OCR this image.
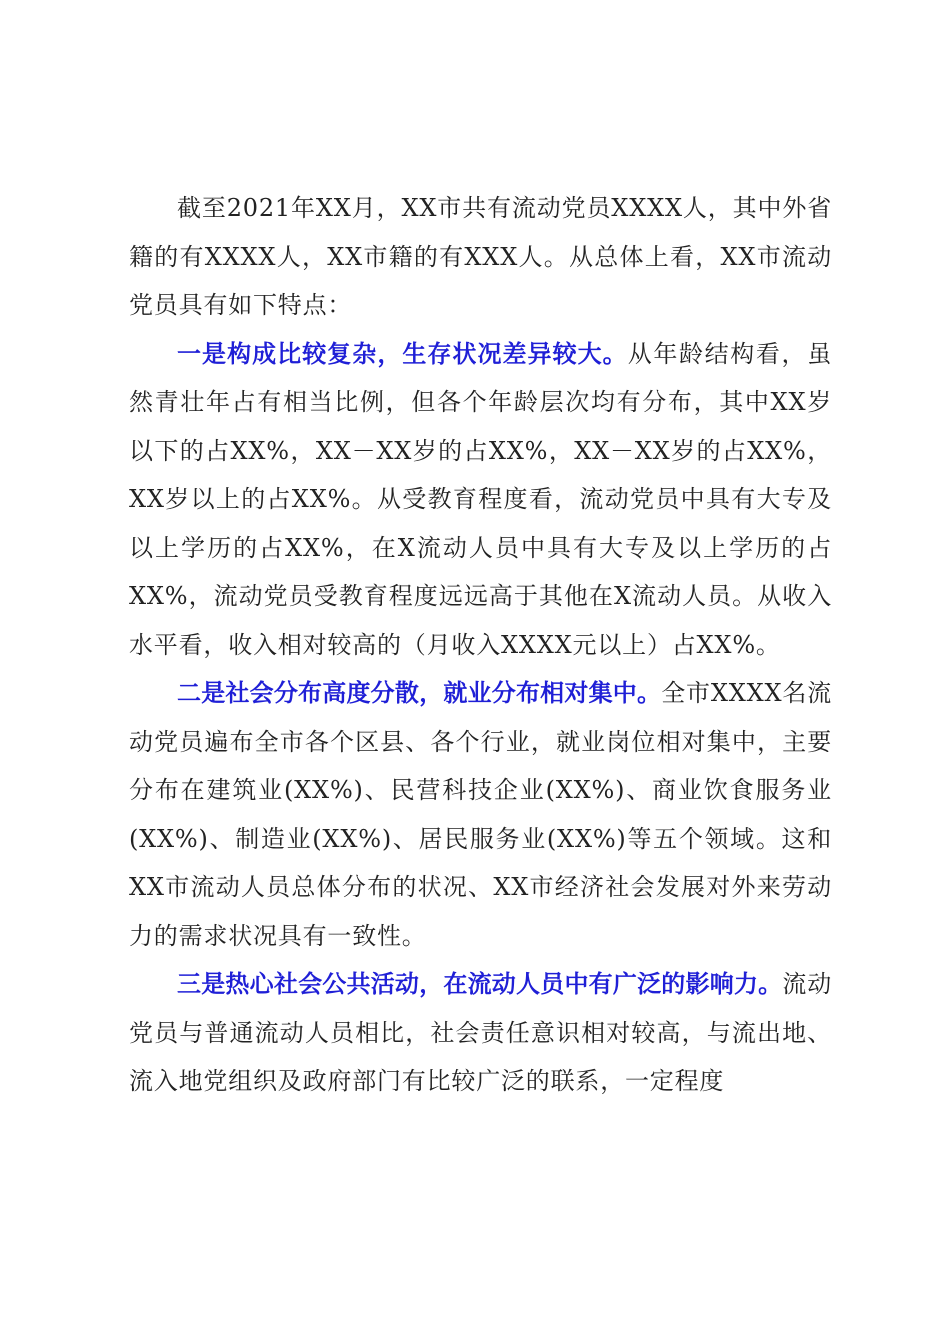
截至2021年XX月，XX市共有流动党员XXXX人，其中外省籍的有XXXX人，XX市籍的有XXX人。从总体上看，XX市流动党员具有如下特点：

一是构成比较复杂，生存状况差异较大。从年龄结构看，虽然青壮年占有相当比例，但各个年龄层次均有分布，其中XX岁以下的占XX%，XX－XX岁的占XX%，XX－XX岁的占XX%，XX岁以上的占XX%。从受教育程度看，流动党员中具有大专及以上学历的占XX%，在X流动人员中具有大专及以上学历的占XX%，流动党员受教育程度远远高于其他在X流动人员。从收入水平看，收入相对较高的（月收入XXXX元以上）占XX%。

二是社会分布高度分散，就业分布相对集中。全市XXXX名流动党员遍布全市各个区县、各个行业，就业岗位相对集中，主要分布在建筑业(XX%)、民营科技企业(XX%)、商业饮食服务业(XX%)、制造业(XX%)、居民服务业(XX%)等五个领域。这和XX市流动人员总体分布的状况、XX市经济社会发展对外来劳动力的需求状况具有一致性。

三是热心社会公共活动，在流动人员中有广泛的影响力。流动党员与普通流动人员相比，社会责任意识相对较高，与流出地、流入地党组织及政府部门有比较广泛的联系，一定程度
